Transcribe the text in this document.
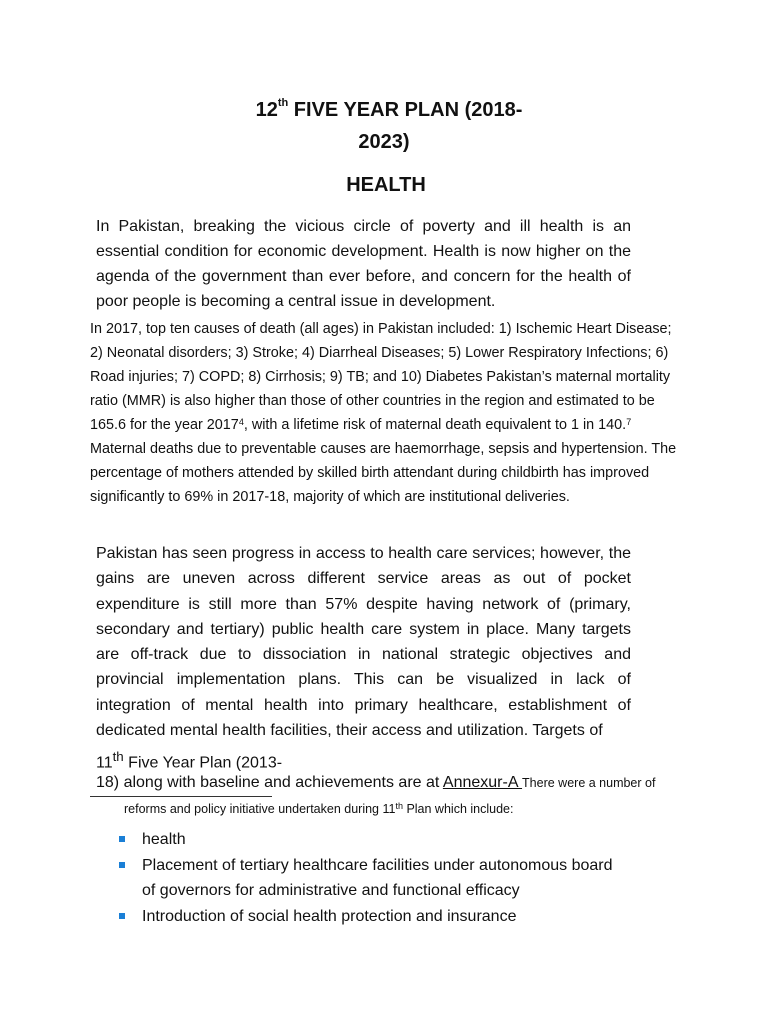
12th FIVE YEAR PLAN (2018-
2023)
HEALTH

In Pakistan, breaking the vicious circle of poverty and ill health is an essential condition for economic development. Health is now higher on the agenda of the government than ever before, and concern for the health of poor people is becoming a central issue in development.

In 2017, top ten causes of death (all ages) in Pakistan included: 1) Ischemic Heart Disease; 2) Neonatal disorders; 3) Stroke; 4) Diarrheal Diseases; 5) Lower Respiratory Infections; 6) Road injuries; 7) COPD; 8) Cirrhosis; 9) TB; and 10) Diabetes Pakistan’s maternal mortality ratio (MMR) is also higher than those of other countries in the region and estimated to be 165.6 for the year 2017$^4$, with a lifetime risk of maternal death equivalent to 1 in 140.$^7$ Maternal deaths due to preventable causes are haemorrhage, sepsis and hypertension. The percentage of mothers attended by skilled birth attendant during childbirth has improved significantly to 69% in 2017-18, majority of which are institutional deliveries.

Pakistan has seen progress in access to health care services; however, the gains are uneven across different service areas as out of pocket expenditure is still more than 57% despite having network of (primary, secondary and tertiary) public health care system in place. Many targets are off-track due to dissociation in national strategic objectives and provincial implementation plans. This can be visualized in lack of integration of mental health into primary healthcare, establishment of dedicated mental health facilities, their access and utilization. Targets of

11th Five Year Plan (2013-
18) along with baseline and achievements are at Annexur-A There were a number of
reforms and policy initiative undertaken during 11th Plan which include:
health
Placement of tertiary healthcare facilities under autonomous board
of governors for administrative and functional efficacy
Introduction of social health protection and insurance
